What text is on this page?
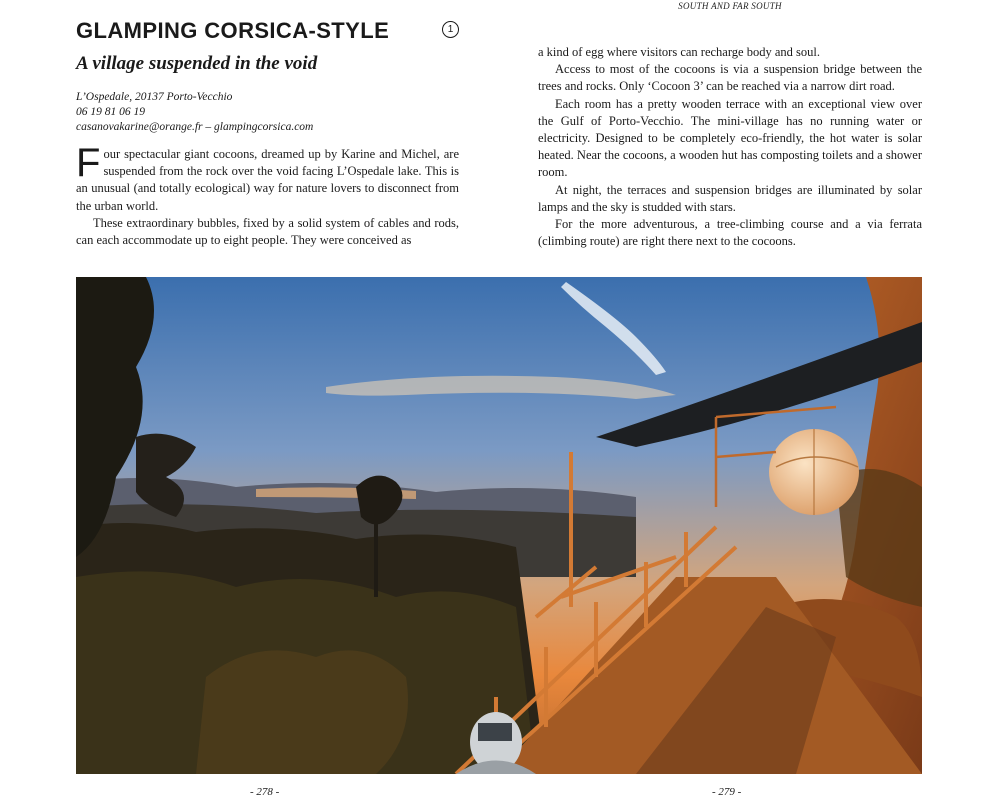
SOUTH AND FAR SOUTH
GLAMPING CORSICA-STYLE	1
A village suspended in the void
L’Ospedale, 20137 Porto-Vecchio
06 19 81 06 19
casanovakarine@orange.fr – glampingcorsica.com

Four spectacular giant cocoons, dreamed up by Karine and Michel, are suspended from the rock over the void facing L’Ospedale lake. This is an unusual (and totally ecological) way for nature lovers to disconnect from the urban world.

These extraordinary bubbles, fixed by a solid system of cables and rods, can each accommodate up to eight people. They were conceived as

a kind of egg where visitors can recharge body and soul.

Access to most of the cocoons is via a suspension bridge between the trees and rocks. Only ‘Cocoon 3’ can be reached via a narrow dirt road.

Each room has a pretty wooden terrace with an exceptional view over the Gulf of Porto-Vecchio. The mini-village has no running water or electricity. Designed to be completely eco-friendly, the hot water is solar heated. Near the cocoons, a wooden hut has composting toilets and a shower room.

At night, the terraces and suspension bridges are illuminated by solar lamps and the sky is studded with stars.

For the more adventurous, a tree-climbing course and a via ferrata (climbing route) are right there next to the cocoons.

- 278 -	- 279 -
